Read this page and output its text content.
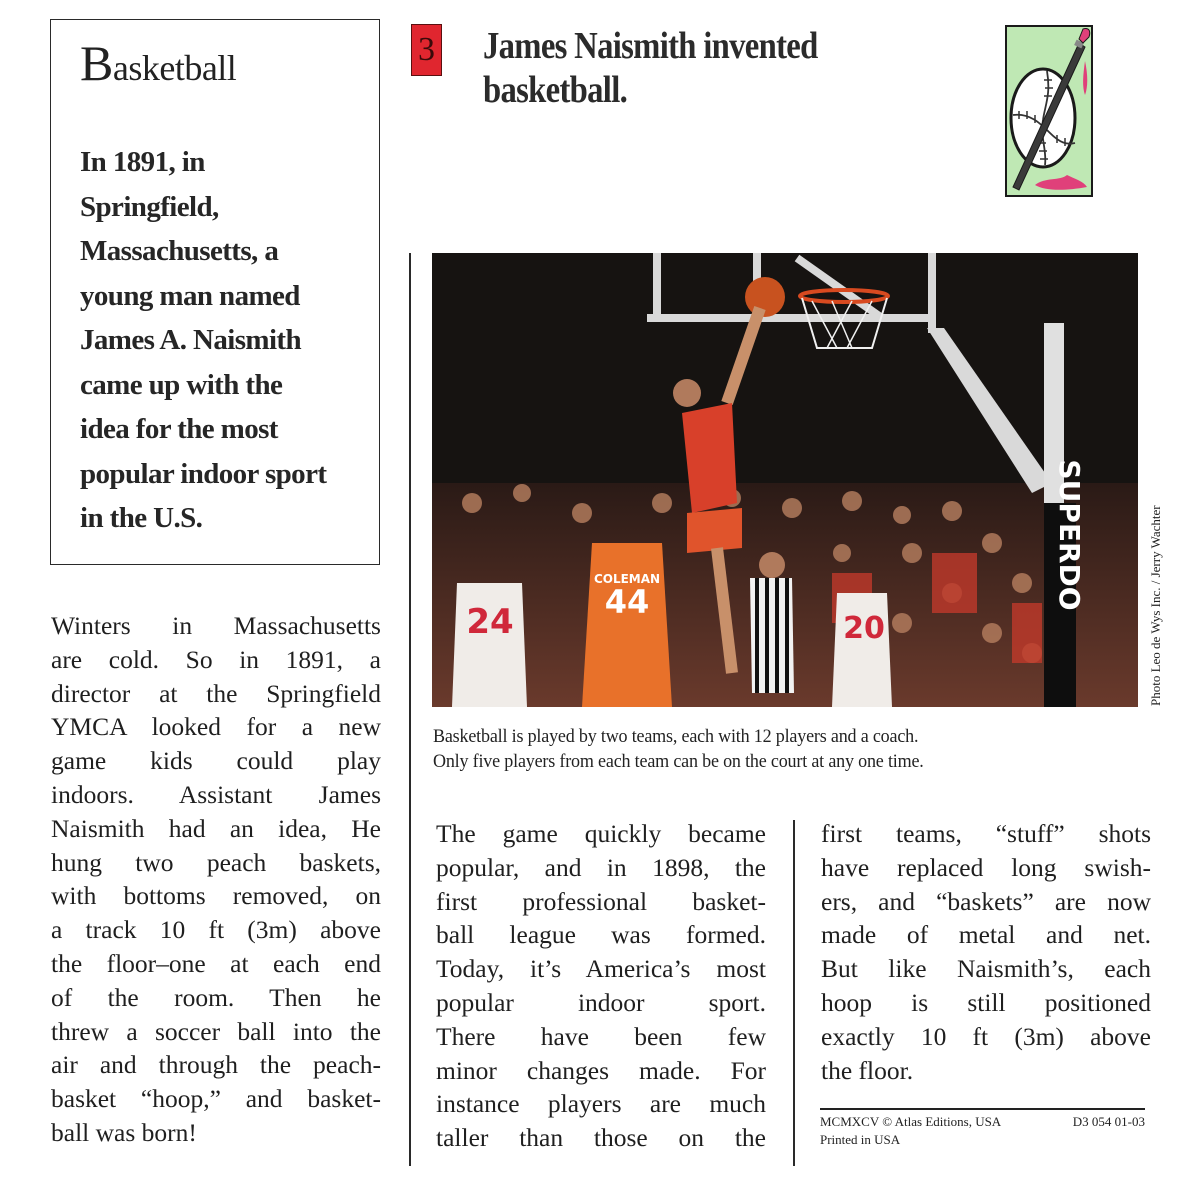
Basketball
In 1891, in
Springfield,
Massachusetts, a
young man named
James A. Naismith
came up with the
idea for the most
popular indoor sport
in the U.S.
Winters in Massachusetts
are cold. So in 1891, a
director at the Springfield
YMCA looked for a new
game kids could play
indoors. Assistant James
Naismith had an idea, He
hung two peach baskets,
with bottoms removed, on
a track 10 ft (3m) above
the floor–one at each end
of the room. Then he
threw a soccer ball into the
air and through the peach-
basket “hoop,” and basket-
ball was born!
3 James Naismith invented
basketball.
SUPERDO
24
COLEMAN
44
20	Photo Leo de Wys Inc. / Jerry Wachter
Basketball is played by two teams, each with 12 players and a coach.
Only five players from each team can be on the court at any one time.
The game quickly became
popular, and in 1898, the
first professional basket-
ball league was formed.
Today, it’s America’s most
popular indoor sport.
There have been few
minor changes made. For
instance players are much
taller than those on the
first teams, “stuff” shots
have replaced long swish-
ers, and “baskets” are now
made of metal and net.
But like Naismith’s, each
hoop is still positioned
exactly 10 ft (3m) above
the floor.
MCMXCV © Atlas Editions, USA	D3 054 01-03
Printed in USA
